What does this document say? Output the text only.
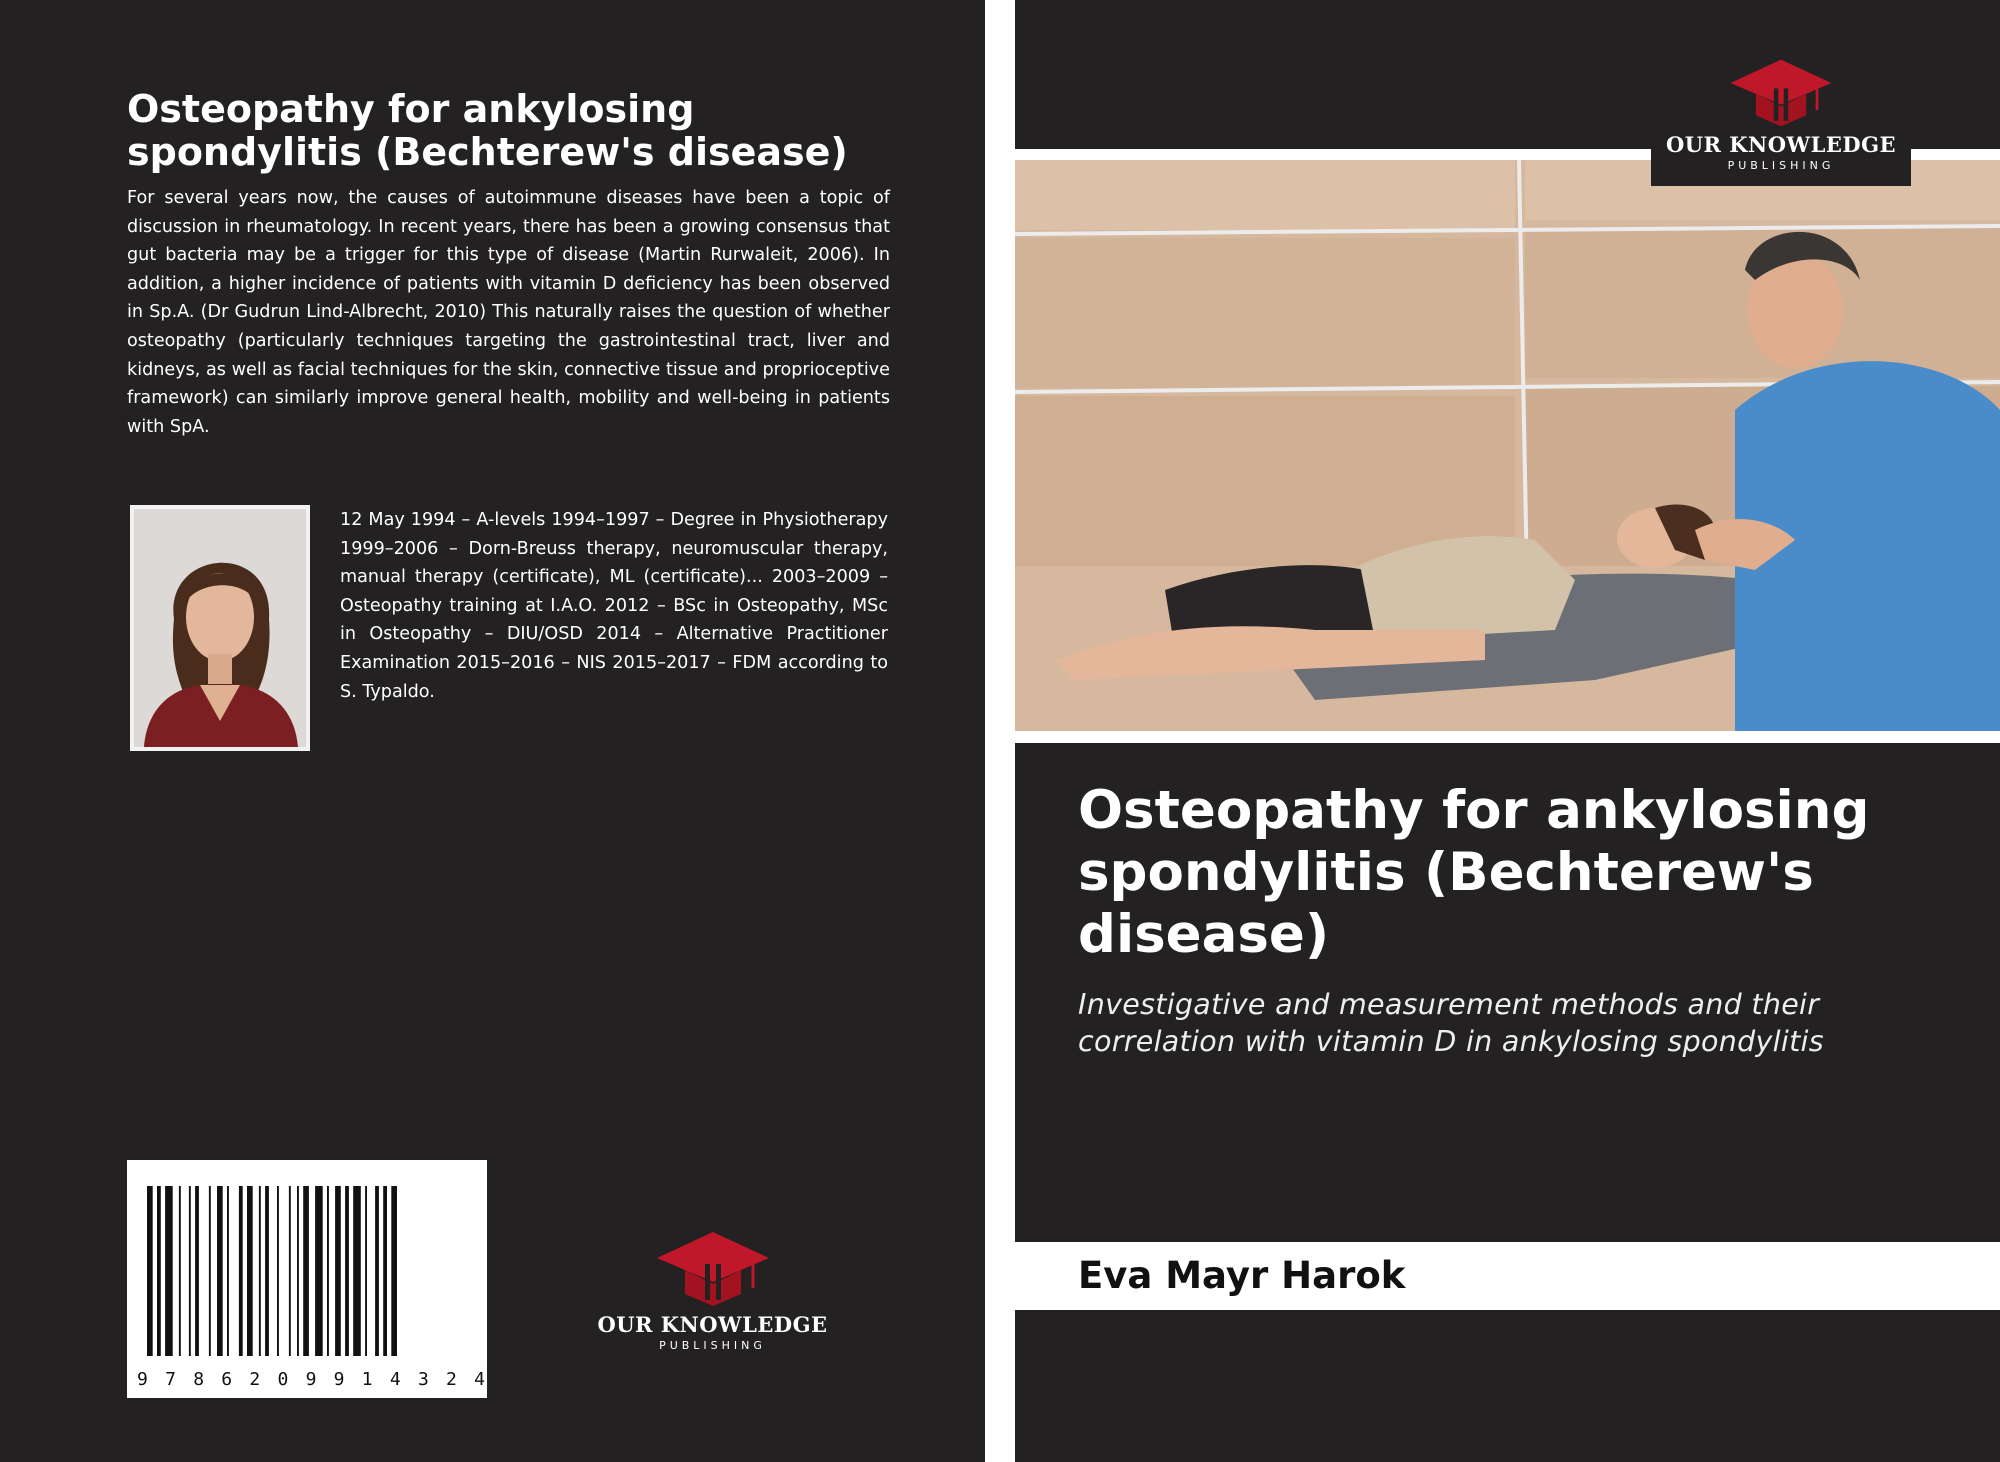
Osteopathy for ankylosing spondylitis (Bechterew's disease)

For several years now, the causes of autoimmune diseases have been a topic of discussion in rheumatology. In recent years, there has been a growing consensus that gut bacteria may be a trigger for this type of disease (Martin Rurwaleit, 2006). In addition, a higher incidence of patients with vitamin D deficiency has been observed in Sp.A. (Dr Gudrun Lind-Albrecht, 2010) This naturally raises the question of whether osteopathy (particularly techniques targeting the gastrointestinal tract, liver and kidneys, as well as facial techniques for the skin, connective tissue and proprioceptive framework) can similarly improve general health, mobility and well-being in patients with SpA.

12 May 1994 – A-levels 1994–1997 – Degree in Physiotherapy 1999–2006 – Dorn-Breuss therapy, neuromuscular therapy, manual therapy (certificate), ML (certificate)... 2003–2009 – Osteopathy training at I.A.O. 2012 – BSc in Osteopathy, MSc in Osteopathy – DIU/OSD 2014 – Alternative Practitioner Examination 2015–2016 – NIS 2015–2017 – FDM according to S. Typaldo.

9 7 8 6 2 0 9 9 1 4 3 2 4
OUR KNOWLEDGE
PUBLISHING
OUR KNOWLEDGE
PUBLISHING
Osteopathy for ankylosing spondylitis (Bechterew's disease)

Investigative and measurement methods and their correlation with vitamin D in ankylosing spondylitis

Eva Mayr Harok
